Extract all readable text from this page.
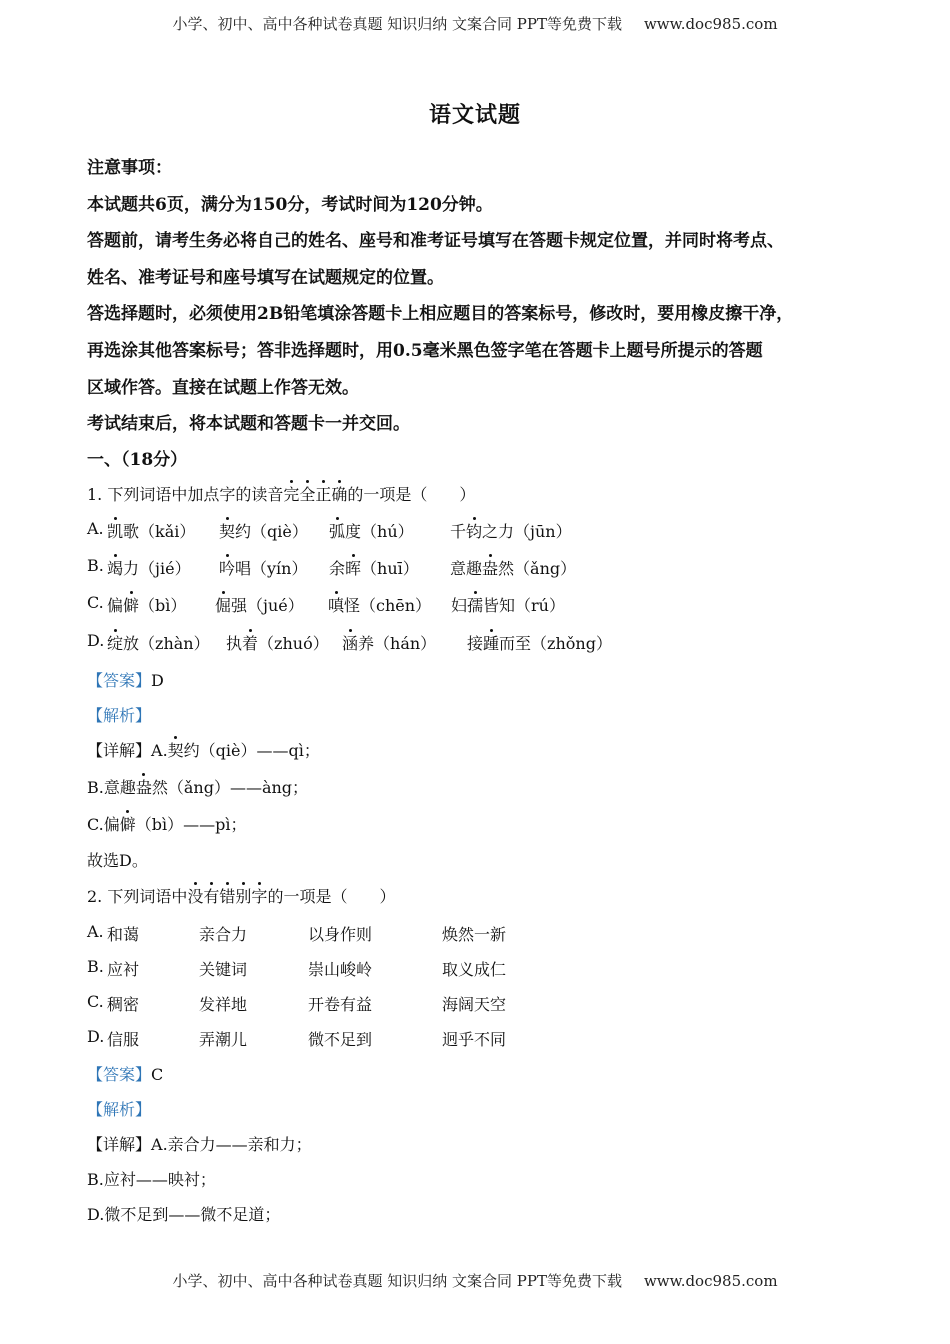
小学、初中、高中各种试卷真题 知识归纳 文案合同 PPT等免费下载 www.doc985.com
语文试题
注意事项：
本试题共6页，满分为150分，考试时间为120分钟。
答题前，请考生务必将自己的姓名、座号和准考证号填写在答题卡规定位置，并同时将考点、
姓名、准考证号和座号填写在试题规定的位置。
答选择题时，必须使用2B铅笔填涂答题卡上相应题目的答案标号，修改时，要用橡皮擦干净，
再选涂其他答案标号；答非选择题时，用0.5毫米黑色签字笔在答题卡上题号所提示的答题
区域作答。直接在试题上作答无效。
考试结束后，将本试题和答题卡一并交回。
一、（18分）
1. 下列词语中加点字的读音完全正确的一项是（　　）
A. 凯歌（kǎi） 契约（qiè） 弧度（hú） 千钧之力（jūn）
B. 竭力（jié） 吟唱（yín） 余晖（huī） 意趣盎然（ǎng）
C. 偏僻（bì） 倔强（jué） 嗔怪（chēn） 妇孺皆知（rú）
D. 绽放（zhàn） 执着（zhuó） 涵养（hán） 接踵而至（zhǒng）
【答案】D
【解析】
【详解】A.契约（qiè）——qì；
B.意趣盎然（ǎng）——àng；
C.偏僻（bì）——pì；
故选D。
2. 下列词语中没有错别字的一项是（　　）
A. 和蔼	亲合力	以身作则	焕然一新
B. 应衬	关键词	崇山峻岭	取义成仁
C. 稠密	发祥地	开卷有益	海阔天空
D. 信服	弄潮儿	微不足到	迥乎不同
【答案】C
【解析】
【详解】A.亲合力——亲和力；
B.应衬——映衬；
D.微不足到——微不足道；
小学、初中、高中各种试卷真题 知识归纳 文案合同 PPT等免费下载 www.doc985.com
